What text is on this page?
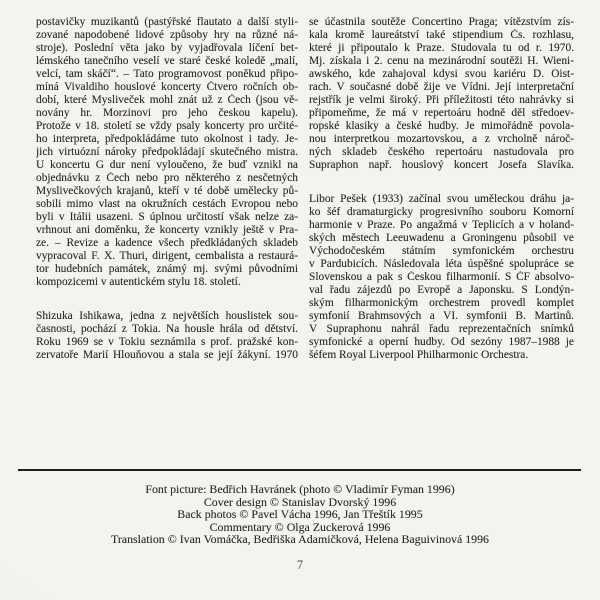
postavičky muzikantů (pastýřské flautato a další styli-
zované napodobené lidové způsoby hry na různé ná-
stroje). Poslední věta jako by vyjadřovala líčení bet-
lémského tanečního veselí ve staré české koledě „malí,
velcí, tam skáčí“. – Tato programovost poněkud připo-
míná Vivaldiho houslové koncerty Čtvero ročních ob-
dobí, které Mysliveček mohl znát už z Čech (jsou vě-
novány hr. Morzinovi pro jeho českou kapelu).
Protože v 18. století se vždy psaly koncerty pro určité-
ho interpreta, předpokládáme tuto okolnost i tady. Je-
jich virtuózní nároky předpokládají skutečného mistra.
U koncertu G dur není vyloučeno, že buď vznikl na
objednávku z Čech nebo pro některého z nesčetných
Myslivečkových krajanů, kteří v té době umělecky pů-
sobili mimo vlast na okružních cestách Evropou nebo
byli v Itálii usazeni. S úplnou určitostí však nelze za-
vrhnout ani doměnku, že koncerty vznikly ještě v Pra-
ze. – Revize a kadence všech předkládaných skladeb
vypracoval F. X. Thuri, dirigent, cembalista a restaurá-
tor hudebních památek, známý mj. svými původními
kompozicemi v autentickém stylu 18. století.
Shizuka Ishikawa, jedna z největších houslistek sou-
časnosti, pochází z Tokia. Na housle hrála od dětství.
Roku 1969 se v Tokiu seznámila s prof. pražské kon-
zervatoře Marií Hlouňovou a stala se její žákyní. 1970
se účastnila soutěže Concertino Praga; vítězstvím zís-
kala kromě laureátství také stipendium Čs. rozhlasu,
které ji připoutalo k Praze. Studovala tu od r. 1970.
Mj. získala i 2. cenu na mezinárodní soutěži H. Wieni-
awského, kde zahajoval kdysi svou kariéru D. Oist-
rach. V současné době žije ve Vídni. Její interpretační
rejstřík je velmi široký. Při příležitosti této nahrávky si
připomeňme, že má v repertoáru hodně děl středoev-
ropské klasiky a české hudby. Je mimořádně povola-
nou interpretkou mozartovskou, a z vrcholně nároč-
ných skladeb českého repertoáru nastudovala pro
Supraphon např. houslový koncert Josefa Slavíka.
Libor Pešek (1933) začínal svou uměleckou dráhu ja-
ko šéf dramaturgicky progresivního souboru Komorní
harmonie v Praze. Po angažmá v Teplicích a v holand-
ských městech Leeuwadenu a Groningenu působil ve
Východočeském státním symfonickém orchestru
v Pardubicích. Následovala léta úspěšné spolupráce se
Slovenskou a pak s Českou filharmonií. S ČF absolvo-
val řadu zájezdů po Evropě a Japonsku. S Londýn-
ským filharmonickým orchestrem provedl komplet
symfonií Brahmsových a VI. symfonii B. Martinů.
V Supraphonu nahrál řadu reprezentačních snímků
symfonické a operní hudby. Od sezóny 1987–1988 je
šéfem Royal Liverpool Philharmonic Orchestra.
Font picture: Bedřich Havránek (photo © Vladimír Fyman 1996)
Cover design © Stanislav Dvorský 1996
Back photos © Pavel Vácha 1996, Jan Třeštík 1995
Commentary © Olga Zuckerová 1996
Translation © Ivan Vomáčka, Bedřiška Adamičková, Helena Baguivinová 1996
7
